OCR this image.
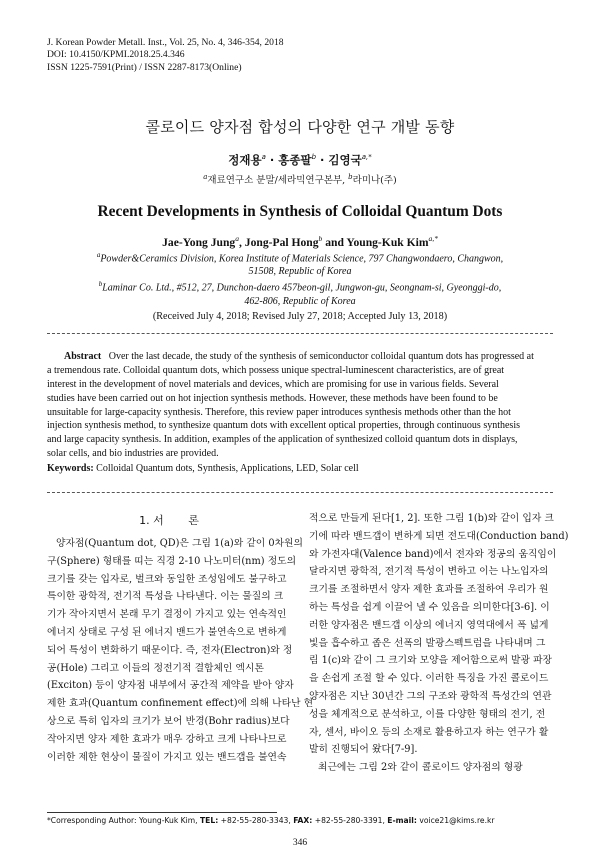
J. Korean Powder Metall. Inst., Vol. 25, No. 4, 346-354, 2018
DOI: 10.4150/KPMI.2018.25.4.346
ISSN 1225-7591(Print) / ISSN 2287-8173(Online)
콜로이드 양자점 합성의 다양한 연구 개발 동향
정재용$^a$ · 홍종팔$^b$ · 김영국$^{a,*}$
$^a$재료연구소 분말/세라믹연구본부, $^b$라미나(주)
Recent Developments in Synthesis of Colloidal Quantum Dots
Jae-Yong Jung$^a$, Jong-Pal Hong$^b$ and Young-Kuk Kim$^{a,*}$
$^a$Powder&Ceramics Division, Korea Institute of Materials Science, 797 Changwondaero, Changwon,
51508, Republic of Korea
$^b$Laminar Co. Ltd., #512, 27, Dunchon-daero 457beon-gil, Jungwon-gu, Seongnam-si, Gyeonggi-do,
462-806, Republic of Korea
(Received July 4, 2018; Revised July 27, 2018; Accepted July 13, 2018)
Abstract Over the last decade, the study of the synthesis of semiconductor colloidal quantum dots has progressed at
a tremendous rate. Colloidal quantum dots, which possess unique spectral-luminescent characteristics, are of great
interest in the development of novel materials and devices, which are promising for use in various fields. Several
studies have been carried out on hot injection synthesis methods. However, these methods have been found to be
unsuitable for large-capacity synthesis. Therefore, this review paper introduces synthesis methods other than the hot
injection synthesis method, to synthesize quantum dots with excellent optical properties, through continuous synthesis
and large capacity synthesis. In addition, examples of the application of synthesized colloid quantum dots in displays,
solar cells, and bio industries are provided.
Keywords: Colloidal Quantum dots, Synthesis, Applications, LED, Solar cell
1. 서       론
양자점(Quantum dot, QD)은 그림 1(a)와 같이 0차원의
구(Sphere) 형태를 띠는 직경 2-10 나노미터(nm) 정도의
크기를 갖는 입자로, 벌크와 동일한 조성임에도 불구하고
특이한 광학적, 전기적 특성을 나타낸다. 이는 물질의 크
기가 작아지면서 본래 무기 결정이 가지고 있는 연속적인
에너지 상태로 구성 된 에너지 밴드가 불연속으로 변하게
되어 특성이 변화하기 때문이다. 즉, 전자(Electron)와 정
공(Hole) 그리고 이들의 정전기적 결합체인 엑시톤
(Exciton) 등이 양자점 내부에서 공간적 제약을 받아 양자
제한 효과(Quantum confinement effect)에 의해 나타난 현
상으로 특히 입자의 크기가 보어 반경(Bohr radius)보다
작아지면 양자 제한 효과가 매우 강하고 크게 나타나므로
이러한 제한 현상이 물질이 가지고 있는 밴드갭을 불연속
적으로 만들게 된다[1, 2]. 또한 그림 1(b)와 같이 입자 크
기에 따라 밴드갭이 변하게 되면 전도대(Conduction band)
와 가전자대(Valence band)에서 전자와 정공의 움직임이
달라지면 광학적, 전기적 특성이 변하고 이는 나노입자의
크기를 조절하면서 양자 제한 효과를 조절하여 우리가 원
하는 특성을 쉽게 이끌어 낼 수 있음을 의미한다[3-6]. 이
러한 양자점은 밴드갭 이상의 에너지 영역대에서 폭 넓게
빛을 흡수하고 좁은 선폭의 발광스펙트럼을 나타내며 그
림 1(c)와 같이 그 크기와 모양을 제어함으로써 발광 파장
을 손쉽게 조절 할 수 있다. 이러한 특징을 가진 콜로이드
양자점은 지난 30년간 그의 구조와 광학적 특성간의 연관
성을 체계적으로 분석하고, 이를 다양한 형태의 전기, 전
자, 센서, 바이오 등의 소재로 활용하고자 하는 연구가 활
발히 진행되어 왔다[7-9].
최근에는 그림 2와 같이 콜로이드 양자점의 형광
*Corresponding Author: Young-Kuk Kim, TEL: +82-55-280-3343, FAX: +82-55-280-3391, E-mail: voice21@kims.re.kr
346
